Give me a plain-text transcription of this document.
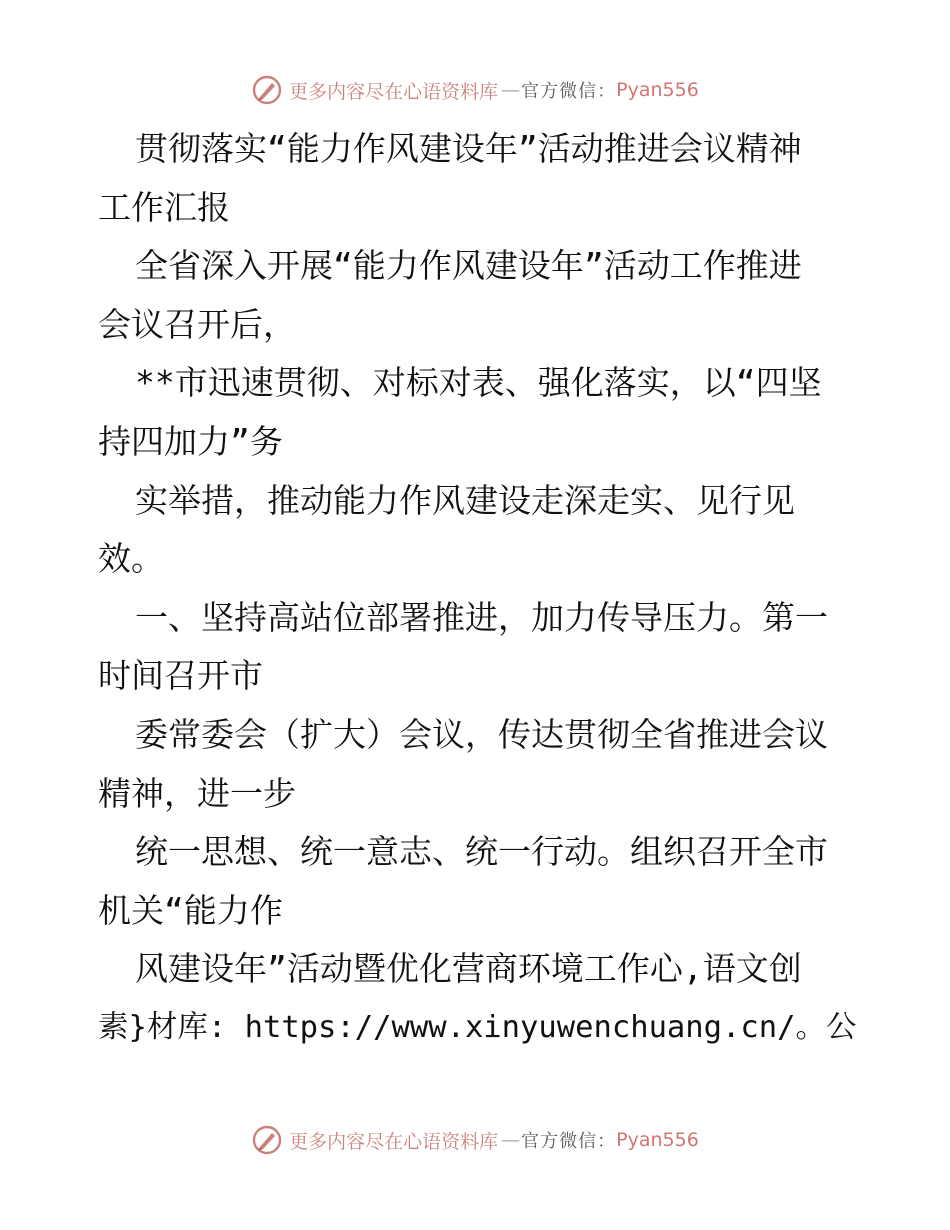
更多内容尽在心语资料库 — 官方微信： Pyan556
贯彻落实“能力作风建设年”活动推进会议精神
工作汇报
全省深入开展“能力作风建设年”活动工作推进
会议召开后，
**市迅速贯彻、对标对表、强化落实，以“四坚
持四加力”务
实举措，推动能力作风建设走深走实、见行见
效。
一、坚持高站位部署推进，加力传导压力。第一
时间召开市
委常委会（扩大）会议，传达贯彻全省推进会议
精神，进一步
统一思想、统一意志、统一行动。组织召开全市
机关“能力作
风建设年”活动暨优化营商环境工作心,语文创
素}材库: https://www.xinyuwenchuang.cn/。公
更多内容尽在心语资料库 — 官方微信： Pyan556
